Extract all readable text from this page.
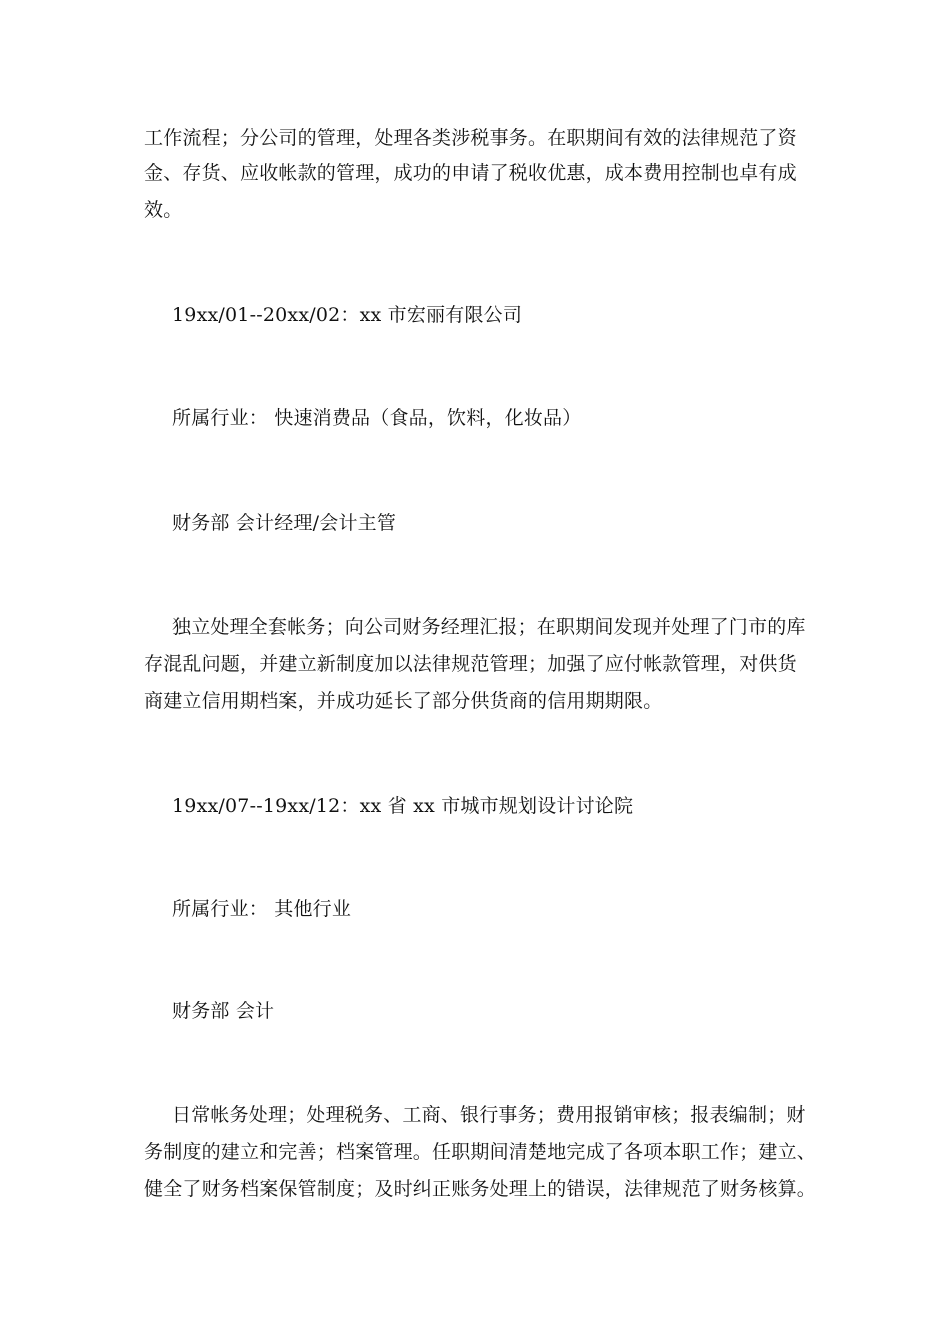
工作流程；分公司的管理，处理各类涉税事务。在职期间有效的法律规范了资
金、存货、应收帐款的管理，成功的申请了税收优惠，成本费用控制也卓有成
效。
19xx/01--20xx/02：xx 市宏丽有限公司
所属行业： 快速消费品（食品，饮料，化妆品）
财务部 会计经理/会计主管
独立处理全套帐务；向公司财务经理汇报；在职期间发现并处理了门市的库
存混乱问题，并建立新制度加以法律规范管理；加强了应付帐款管理，对供货
商建立信用期档案，并成功延长了部分供货商的信用期期限。
19xx/07--19xx/12：xx 省 xx 市城市规划设计讨论院
所属行业： 其他行业
财务部 会计
日常帐务处理；处理税务、工商、银行事务；费用报销审核；报表编制；财
务制度的建立和完善；档案管理。任职期间清楚地完成了各项本职工作；建立、
健全了财务档案保管制度；及时纠正账务处理上的错误，法律规范了财务核算。
